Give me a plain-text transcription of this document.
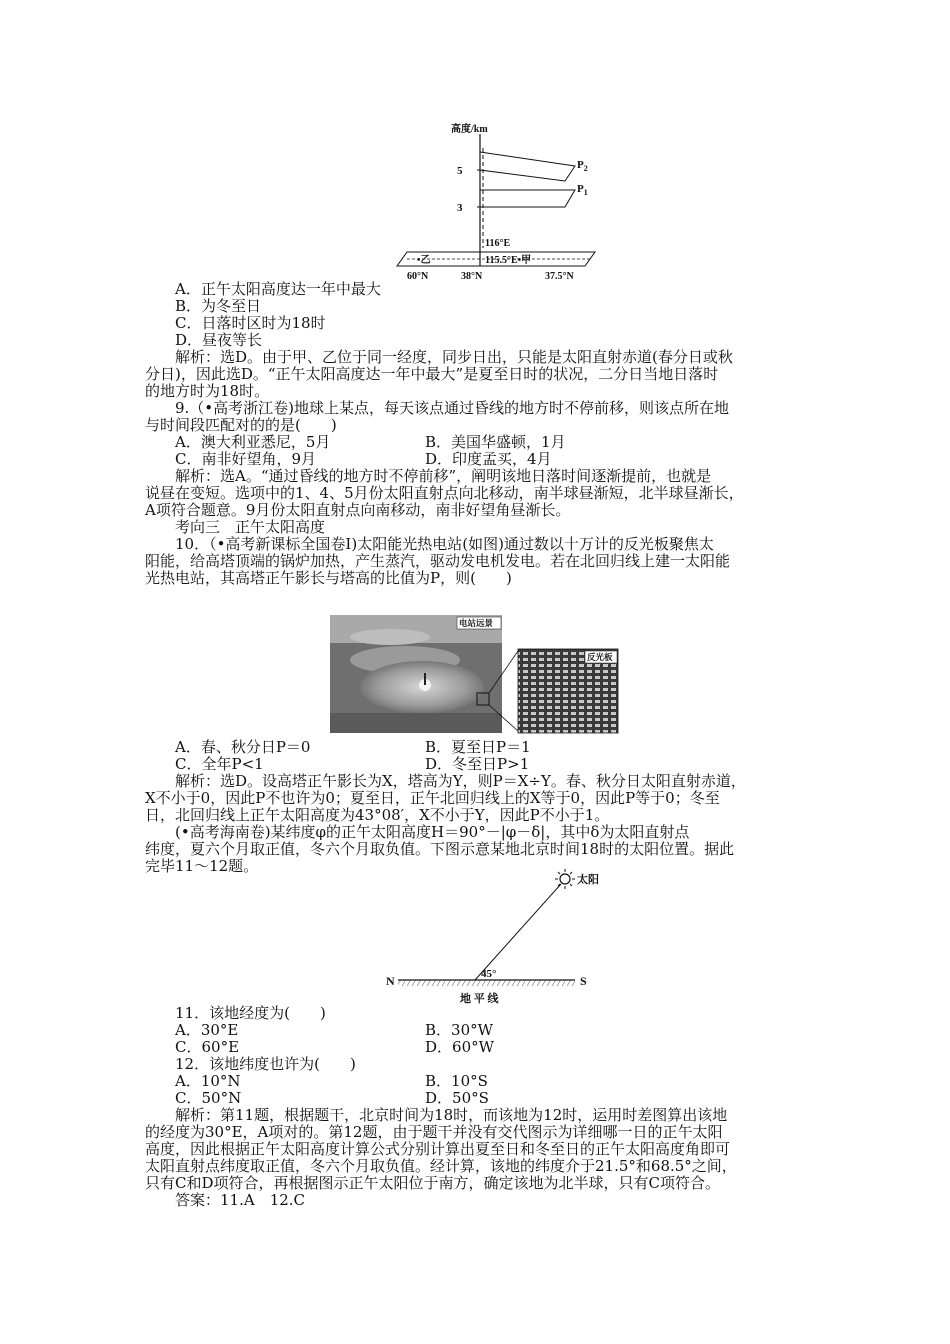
高度/km
5
3
$P_2$
$P_1$
116°E
•乙	115.5°E•甲
60°N	38°N	37.5°N
电站远景
反光板
太阳
45°
N	S
地 平 线
A．正午太阳高度达一年中最大
B．为冬至日
C．日落时区时为18时
D．昼夜等长
　　解析：选D。由于甲、乙位于同一经度，同步日出，只能是太阳直射赤道(春分日或秋
分日)，因此选D。“正午太阳高度达一年中最大”是夏至日时的状况，二分日当地日落时
的地方时为18时。
　　9.（•高考浙江卷)地球上某点，每天该点通过昏线的地方时不停前移，则该点所在地
与时间段匹配对的的是(　　)
A．澳大利亚悉尼，5月	B．美国华盛顿，1月
C．南非好望角，9月	D．印度孟买，4月
　　解析：选A。“通过昏线的地方时不停前移”，阐明该地日落时间逐渐提前，也就是
说昼在变短。选项中的1、4、5月份太阳直射点向北移动，南半球昼渐短，北半球昼渐长，
A项符合题意。9月份太阳直射点向南移动，南非好望角昼渐长。
　　考向三　正午太阳高度
　　10．（•高考新课标全国卷Ⅰ)太阳能光热电站(如图)通过数以十万计的反光板聚焦太
阳能，给高塔顶端的锅炉加热，产生蒸汽，驱动发电机发电。若在北回归线上建一太阳能
光热电站，其高塔正午影长与塔高的比值为P，则(　　)
A．春、秋分日P＝0	B．夏至日P＝1
C．全年P<1	D．冬至日P>1
　　解析：选D。设高塔正午影长为X，塔高为Y，则P＝X÷Y。春、秋分日太阳直射赤道，
X不小于0，因此P不也许为0；夏至日，正午北回归线上的X等于0，因此P等于0；冬至
日，北回归线上正午太阳高度为43°08′，X不小于Y，因此P不小于1。
　　(•高考海南卷)某纬度φ的正午太阳高度H＝90°－|φ－δ|，其中δ为太阳直射点
纬度，夏六个月取正值，冬六个月取负值。下图示意某地北京时间18时的太阳位置。据此
完毕11～12题。
11．该地经度为(　　)
A．30°E	B．30°W
C．60°E	D．60°W
12．该地纬度也许为(　　)
A．10°N	B．10°S
C．50°N	D．50°S
　　解析：第11题，根据题干，北京时间为18时，而该地为12时，运用时差图算出该地
的经度为30°E，A项对的。第12题，由于题干并没有交代图示为详细哪一日的正午太阳
高度，因此根据正午太阳高度计算公式分别计算出夏至日和冬至日的正午太阳高度角即可
太阳直射点纬度取正值，冬六个月取负值。经计算，该地的纬度介于21.5°和68.5°之间，
只有C和D项符合，再根据图示正午太阳位于南方，确定该地为北半球，只有C项符合。
　　答案：11.A　12.C
